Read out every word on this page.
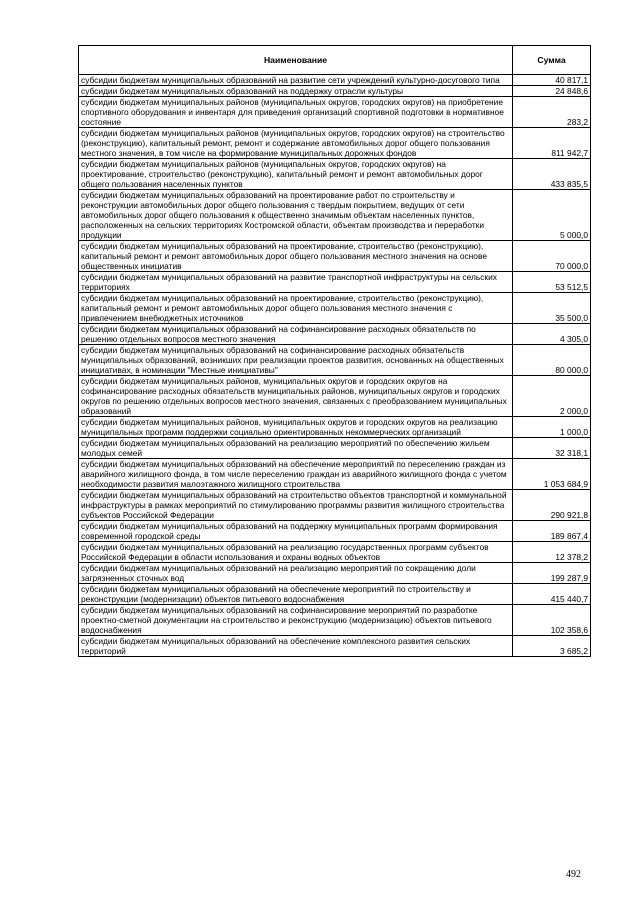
Наименование	Сумма
субсидии бюджетам муниципальных образований на развитие сети учреждений культурно-досугового типа	40 817,1
субсидии бюджетам муниципальных образований на поддержку отрасли культуры	24 848,6
субсидии бюджетам муниципальных районов (муниципальных округов, городских округов) на приобретение спортивного оборудования и инвентаря для приведения организаций спортивной подготовки в нормативное состояние	283,2
субсидии бюджетам муниципальных районов (муниципальных округов, городских округов) на строительство (реконструкцию), капитальный ремонт, ремонт и содержание автомобильных дорог общего пользования местного значения, в том числе на формирование муниципальных дорожных фондов	811 942,7
субсидии бюджетам муниципальных районов (муниципальных округов, городских округов) на проектирование, строительство (реконструкцию), капитальный ремонт и ремонт автомобильных дорог общего пользования населенных пунктов	433 835,5
субсидии бюджетам муниципальных образований на проектирование работ по строительству и реконструкции автомобильных дорог общего пользования с твердым покрытием, ведущих от сети автомобильных дорог общего пользования к общественно значимым объектам населенных пунктов, расположенных на сельских территориях Костромской области, объектам производства и переработки продукции	5 000,0
субсидии бюджетам муниципальных образований на проектирование, строительство (реконструкцию), капитальный ремонт и ремонт автомобильных дорог общего пользования местного значения на основе общественных инициатив	70 000,0
субсидии бюджетам муниципальных образований на развитие транспортной инфраструктуры на сельских территориях	53 512,5
субсидии бюджетам муниципальных образований на проектирование, строительство (реконструкцию), капитальный ремонт и ремонт автомобильных дорог общего пользования местного значения с привлечением внебюджетных источников	35 500,0
субсидии бюджетам муниципальных образований на софинансирование расходных обязательств по решению отдельных вопросов местного значения	4 305,0
субсидии бюджетам муниципальных образований на софинансирование расходных обязательств муниципальных образований, возникших при реализации проектов развития, основанных на общественных инициативах, в номинации "Местные инициативы"	80 000,0
субсидии бюджетам муниципальных районов, муниципальных округов и городских округов на софинансирование расходных обязательств муниципальных районов, муниципальных округов и городских округов по решению отдельных вопросов местного значения, связанных с преобразованием муниципальных образований	2 000,0
субсидии бюджетам муниципальных районов, муниципальных округов и городских округов на реализацию муниципальных программ поддержки социально ориентированных некоммерческих организаций	1 000,0
субсидии бюджетам муниципальных образований на реализацию мероприятий по обеспечению жильем молодых семей	32 318,1
субсидии бюджетам муниципальных образований на обеспечение мероприятий по переселению граждан из аварийного жилищного фонда, в том числе переселению граждан из аварийного жилищного фонда с учетом необходимости развития малоэтажного жилищного строительства	1 053 684,9
субсидии бюджетам муниципальных образований на строительство объектов транспортной и коммунальной инфраструктуры в рамках мероприятий по стимулированию программы развития жилищного строительства субъектов Российской Федерации	290 921,8
субсидии бюджетам муниципальных образований на поддержку муниципальных программ формирования современной городской среды	189 867,4
субсидии бюджетам муниципальных образований на реализацию государственных программ субъектов Российской Федерации в области использования и охраны водных объектов	12 378,2
субсидии бюджетам муниципальных образований на реализацию мероприятий по сокращению доли загрязненных сточных вод	199 287,9
субсидии бюджетам муниципальных образований на обеспечение мероприятий по строительству и реконструкции (модернизации) объектов питьевого водоснабжения	415 440,7
субсидии бюджетам муниципальных образований на софинансирование мероприятий по разработке проектно-сметной документации на строительство и реконструкцию (модернизацию) объектов питьевого водоснабжения	102 358,6
субсидии бюджетам муниципальных образований на обеспечение комплексного развития сельских территорий	3 685,2
492
